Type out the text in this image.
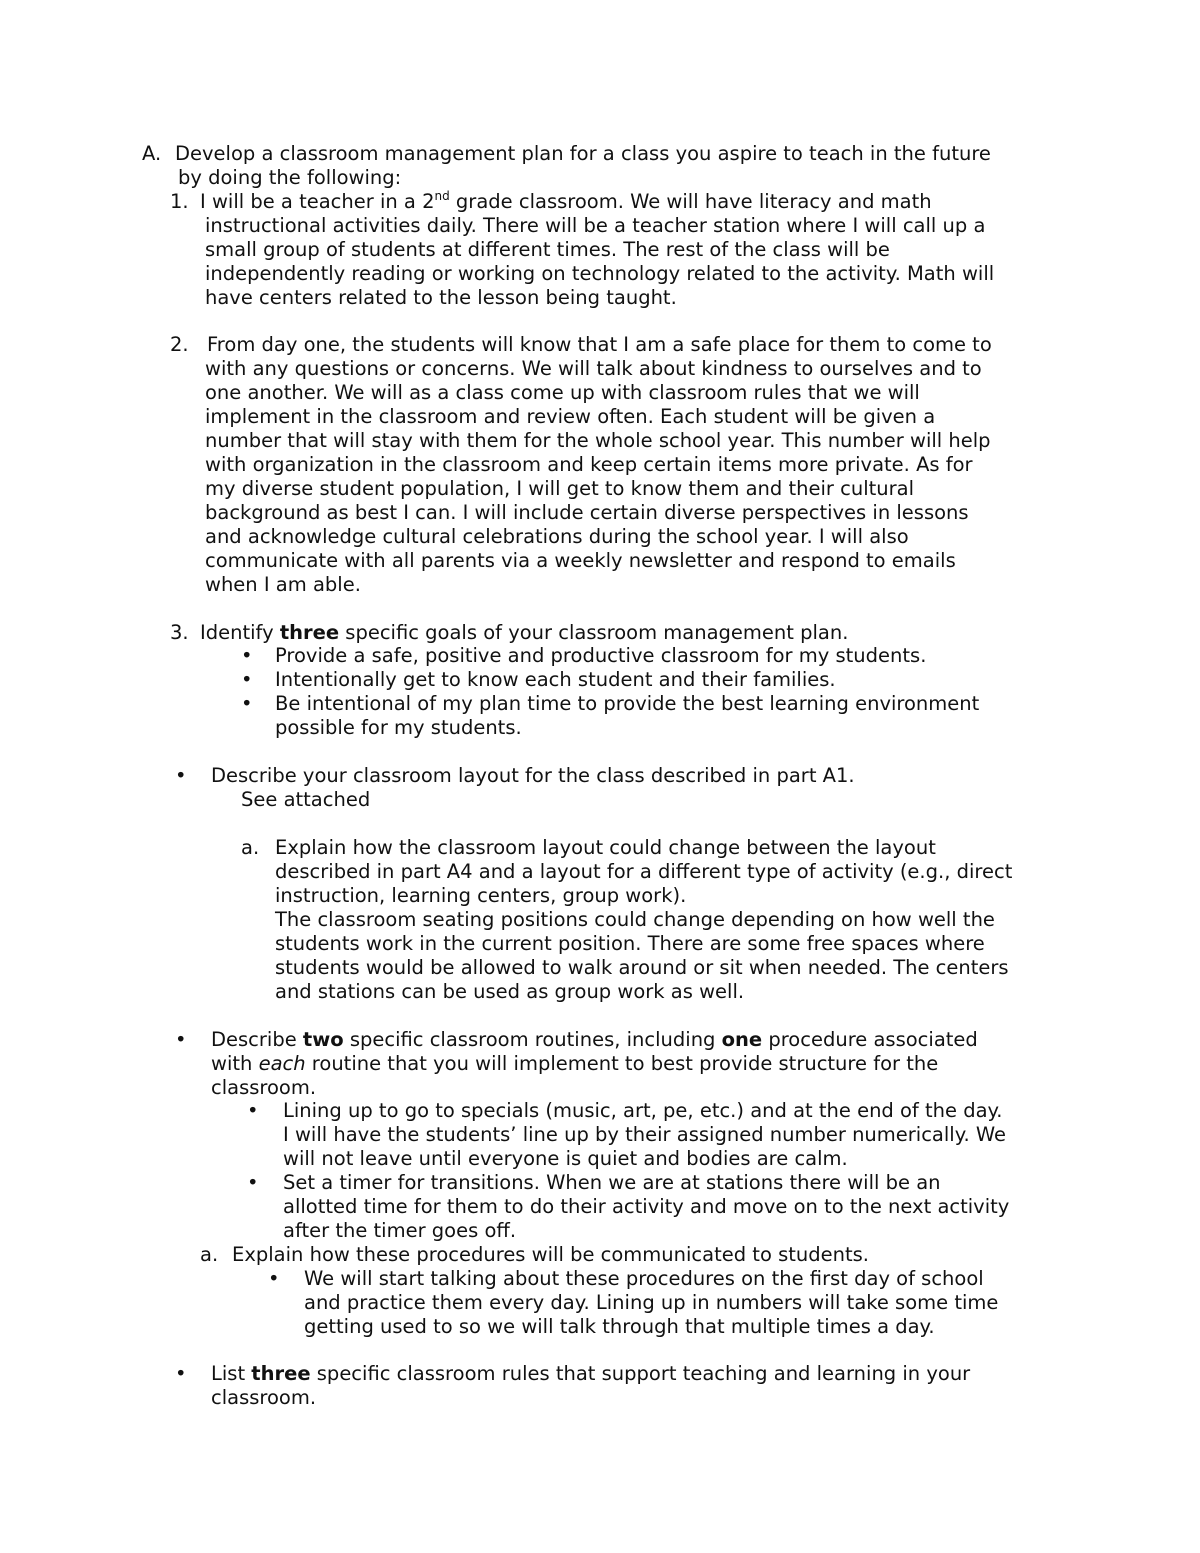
A. Develop a classroom management plan for a class you aspire to teach in the future
by doing the following:
1. I will be a teacher in a 2nd grade classroom. We will have literacy and math
instructional activities daily. There will be a teacher station where I will call up a
small group of students at different times. The rest of the class will be
independently reading or working on technology related to the activity. Math will
have centers related to the lesson being taught.
2. From day one, the students will know that I am a safe place for them to come to
with any questions or concerns. We will talk about kindness to ourselves and to
one another. We will as a class come up with classroom rules that we will
implement in the classroom and review often. Each student will be given a
number that will stay with them for the whole school year. This number will help
with organization in the classroom and keep certain items more private. As for
my diverse student population, I will get to know them and their cultural
background as best I can. I will include certain diverse perspectives in lessons
and acknowledge cultural celebrations during the school year. I will also
communicate with all parents via a weekly newsletter and respond to emails
when I am able.
3. Identify three specific goals of your classroom management plan.
• Provide a safe, positive and productive classroom for my students.
• Intentionally get to know each student and their families.
• Be intentional of my plan time to provide the best learning environment
possible for my students.
• Describe your classroom layout for the class described in part A1.
See attached
a. Explain how the classroom layout could change between the layout
described in part A4 and a layout for a different type of activity (e.g., direct
instruction, learning centers, group work).
The classroom seating positions could change depending on how well the
students work in the current position. There are some free spaces where
students would be allowed to walk around or sit when needed. The centers
and stations can be used as group work as well.
• Describe two specific classroom routines, including one procedure associated
with each routine that you will implement to best provide structure for the
classroom.
• Lining up to go to specials (music, art, pe, etc.) and at the end of the day.
I will have the students’ line up by their assigned number numerically. We
will not leave until everyone is quiet and bodies are calm.
• Set a timer for transitions. When we are at stations there will be an
allotted time for them to do their activity and move on to the next activity
after the timer goes off.
a. Explain how these procedures will be communicated to students.
• We will start talking about these procedures on the first day of school
and practice them every day. Lining up in numbers will take some time
getting used to so we will talk through that multiple times a day.
• List three specific classroom rules that support teaching and learning in your
classroom.
